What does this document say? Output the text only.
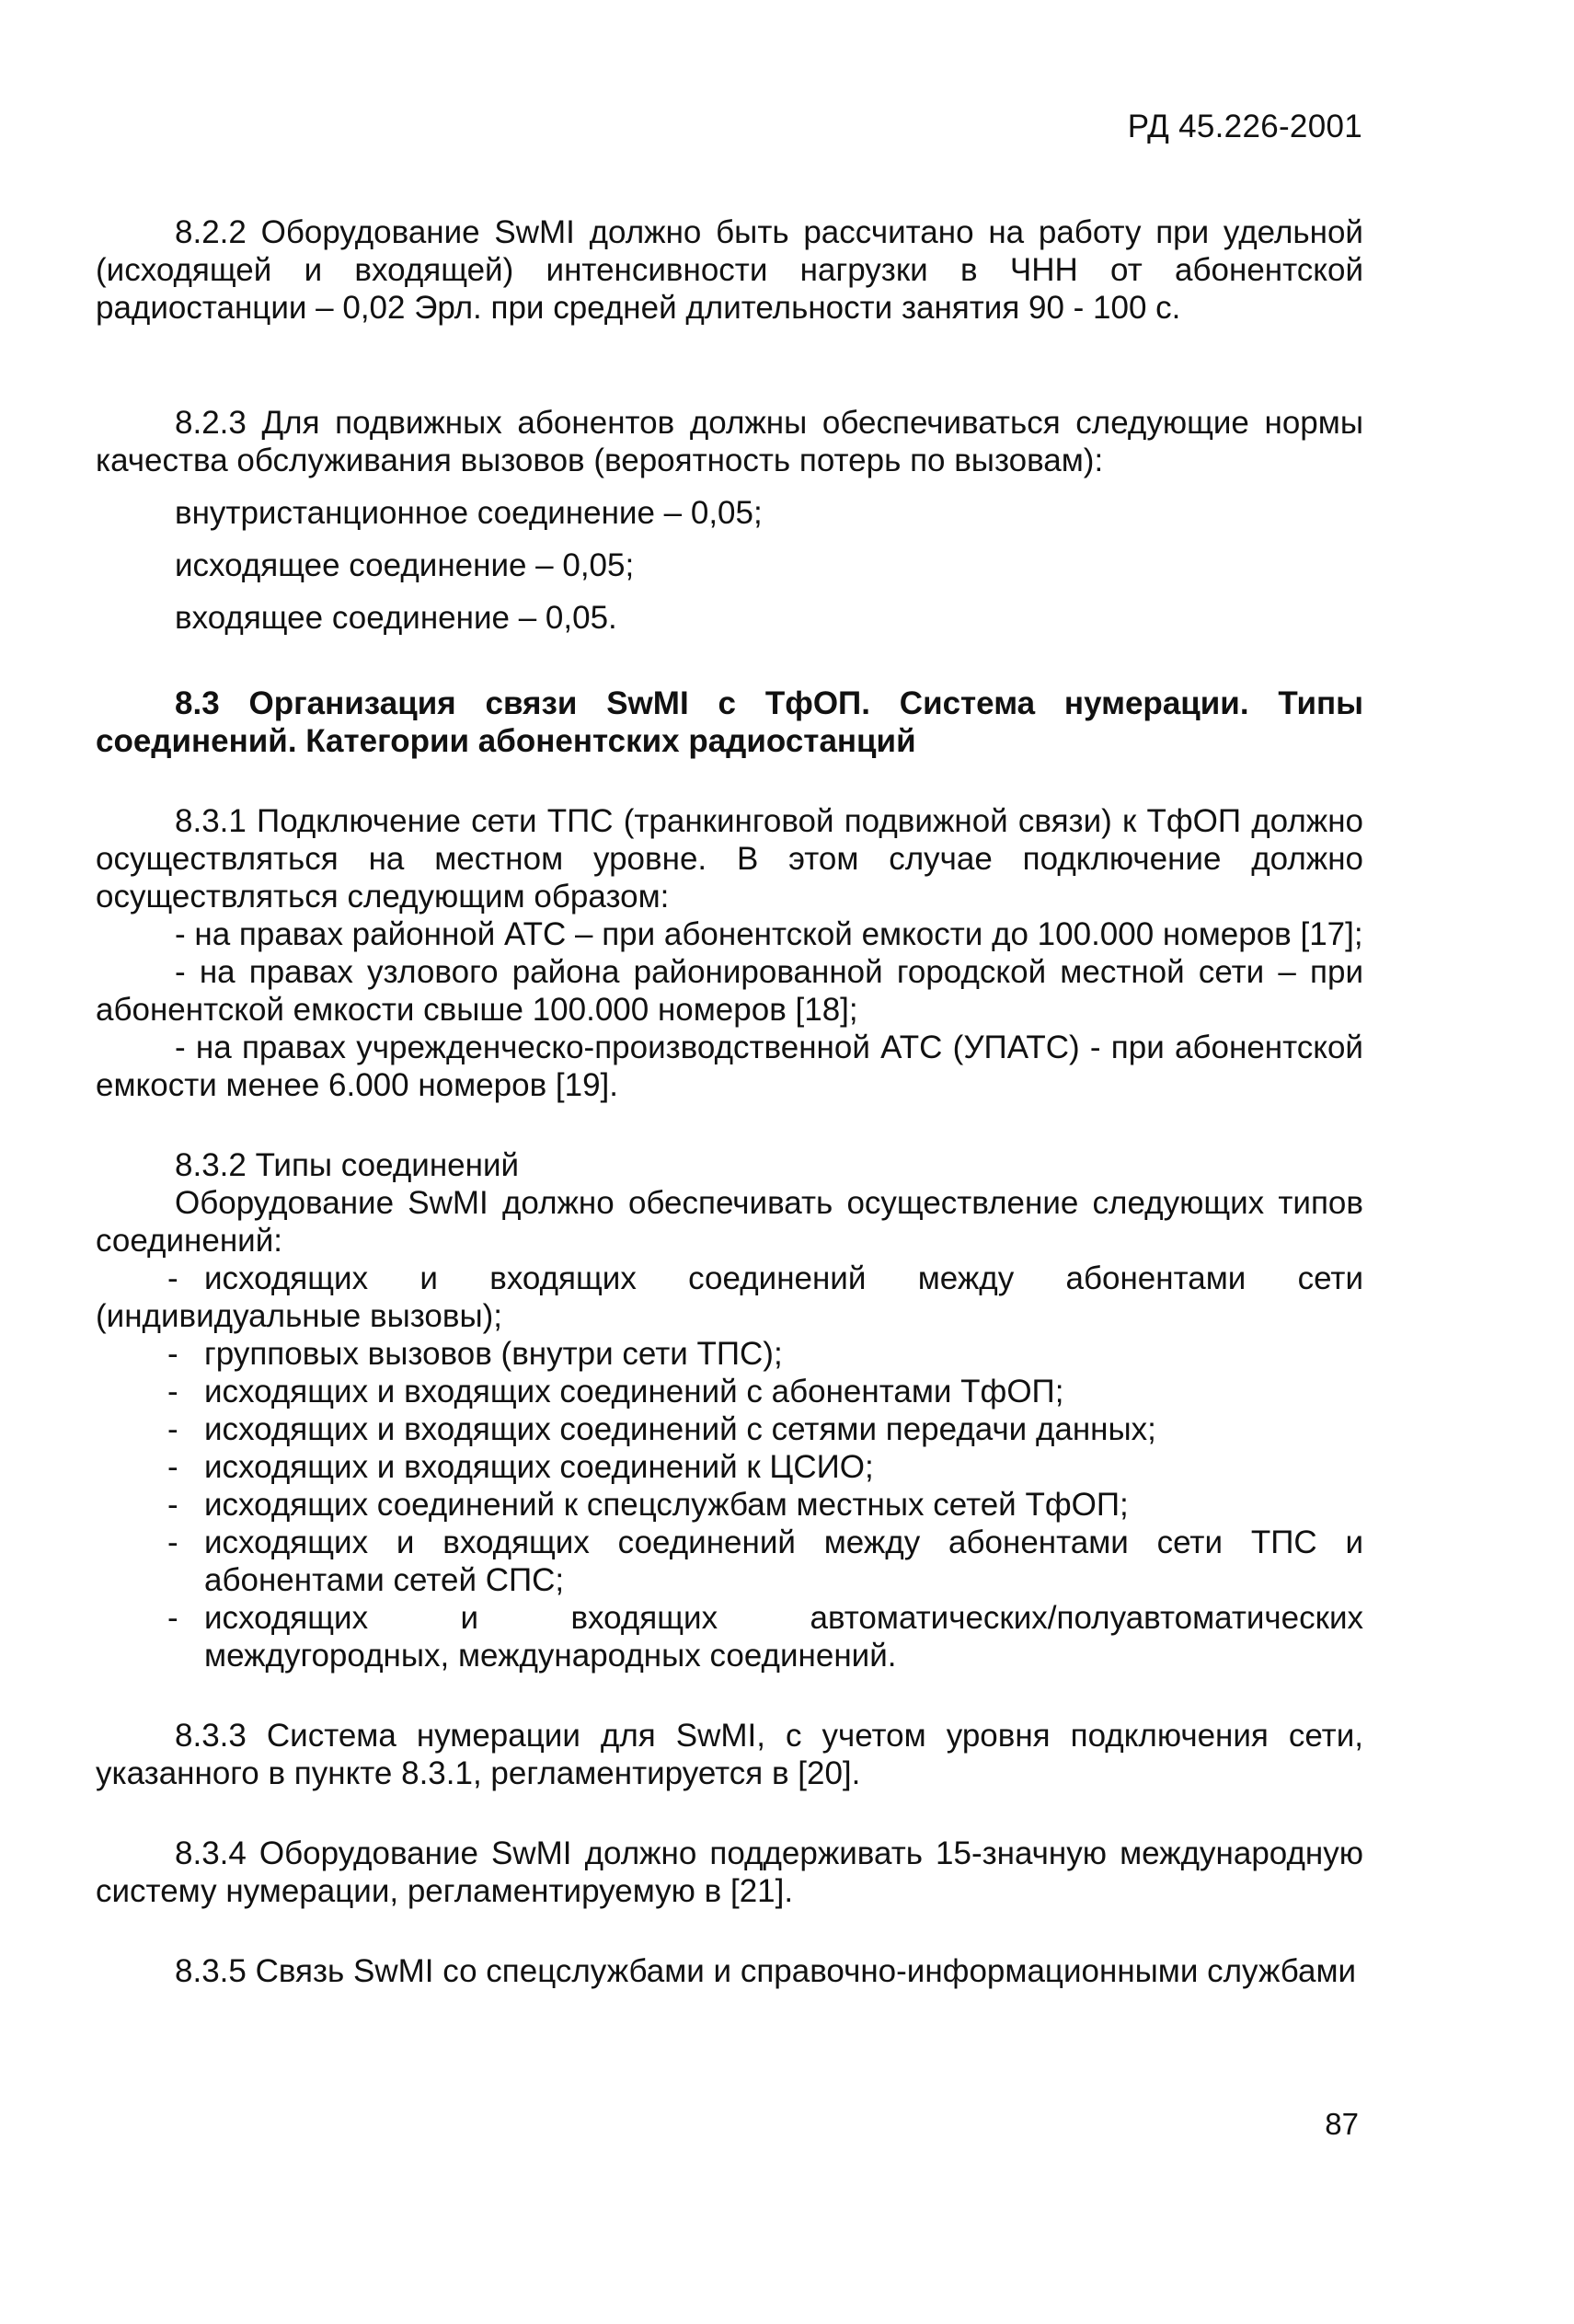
РД 45.226-2001

8.2.2 Оборудование SwMI должно быть рассчитано на работу при удельной (исходящей и входящей) интенсивности нагрузки в ЧНН от абонентской радиостанции – 0,02 Эрл. при средней длительности занятия 90 - 100 с.

8.2.3 Для подвижных абонентов должны обеспечиваться следующие нормы качества обслуживания вызовов (вероятность потерь по вызовам):

внутристанционное соединение – 0,05;

исходящее соединение – 0,05;

входящее соединение – 0,05.

8.3 Организация связи SwMI с ТфОП. Система нумерации. Типы соединений. Категории абонентских радиостанций

8.3.1 Подключение сети ТПС (транкинговой подвижной связи) к ТфОП должно осуществляться на местном уровне. В этом случае подключение должно осуществляться следующим образом:

- на правах районной АТС – при абонентской емкости до 100.000 номеров [17];
- на правах узлового района районированной городской местной сети – при абонентской емкости свыше 100.000 номеров [18];
- на правах учрежденческо-производственной АТС (УПАТС) - при абонентской емкости менее 6.000 номеров [19].

8.3.2 Типы соединений

Оборудование SwMI должно обеспечивать осуществление следующих типов соединений:

- исходящих и входящих соединений между абонентами сети (индивидуальные вызовы);
- групповых вызовов (внутри сети ТПС);
- исходящих и входящих соединений с абонентами ТфОП;
- исходящих и входящих соединений с сетями передачи данных;
- исходящих и входящих соединений к ЦСИО;
- исходящих соединений к спецслужбам местных сетей ТфОП;
- исходящих и входящих соединений между абонентами сети ТПС и абонентами сетей СПС;
- исходящих и входящих автоматических/полуавтоматических междугородных, международных соединений.

8.3.3 Система нумерации для SwMI, с учетом уровня подключения сети, указанного в пункте 8.3.1, регламентируется в [20].

8.3.4 Оборудование SwMI должно поддерживать 15-значную международную систему нумерации, регламентируемую в [21].

8.3.5 Связь SwMI со спецслужбами и справочно-информационными службами

87
